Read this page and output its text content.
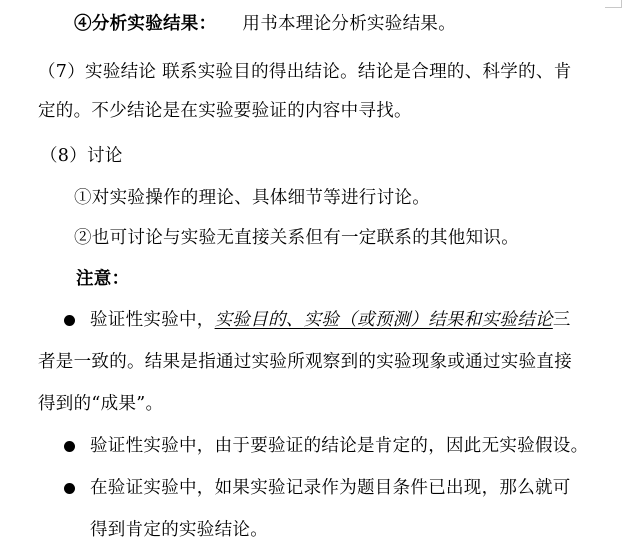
④分析实验结果： 用书本理论分析实验结果。
（7）实验结论 联系实验目的得出结论。结论是合理的、科学的、肯
定的。不少结论是在实验要验证的内容中寻找。
（8）讨论
①对实验操作的理论、具体细节等进行讨论。
②也可讨论与实验无直接关系但有一定联系的其他知识。
注意：
验证性实验中，实验目的、实验（或预测）结果和实验结论三
者是一致的。结果是指通过实验所观察到的实验现象或通过实验直接
得到的“成果”。
验证性实验中，由于要验证的结论是肯定的，因此无实验假设。
在验证实验中，如果实验记录作为题目条件已出现，那么就可
得到肯定的实验结论。
